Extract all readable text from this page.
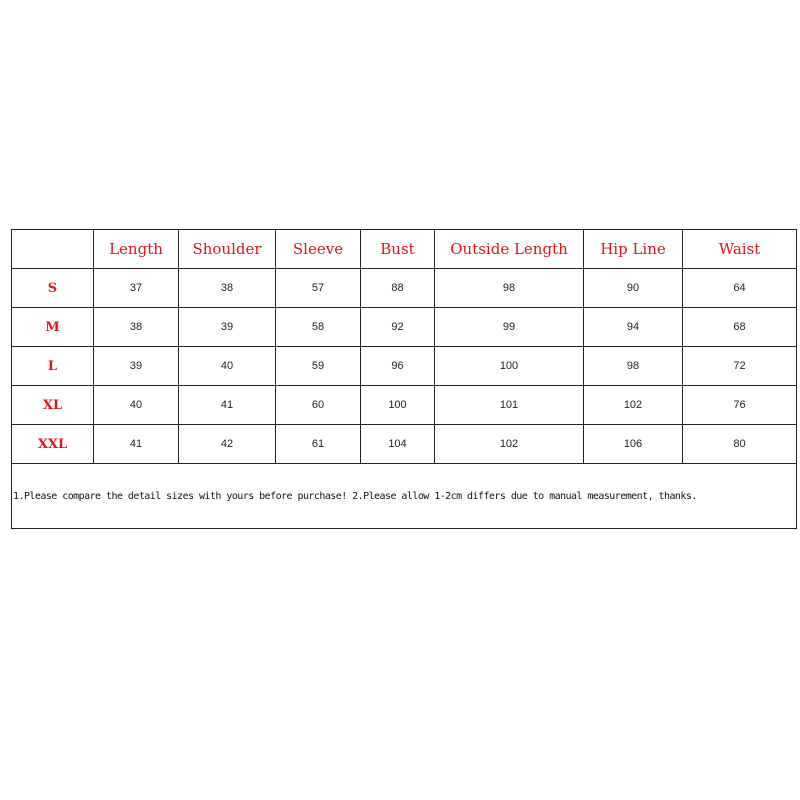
	Length	Shoulder	Sleeve	Bust	Outside Length	Hip Line	Waist
S	37	38	57	88	98	90	64
M	38	39	58	92	99	94	68
L	39	40	59	96	100	98	72
XL	40	41	60	100	101	102	76
XXL	41	42	61	104	102	106	80
1.Please compare the detail sizes with yours before purchase! 2.Please allow 1-2cm differs due to manual measurement, thanks.							
